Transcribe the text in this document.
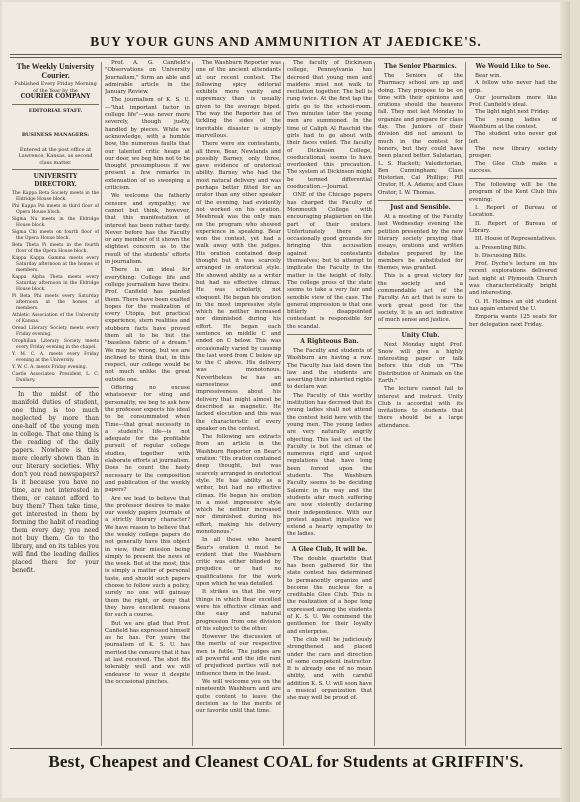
BUY YOUR GUNS AND AMMUNITION AT JAEDICKE'S.
The Weekly University Courier.
Published Every Friday Morning of the Year by the
COURIER COMPANY
EDITORIAL STAFF.
BUSINESS MANAGERS:
Entered at the post office at Lawrence, Kansas, as second class matter.
UNIVERSITY DIRECTORY.

The Kappa Beta Society meets in the Eldridge House block.

Phi Kappa Psi meets in third floor of Opera House block.

Sigma Nu meets in the Eldridge House block.

Sigma Chi meets on fourth floor of the Opera House block.

Beta Theta Pi meets in the fourth floor of the Opera House block.

Kappa Kappa Gamma meets every Saturday afternoon at the homes of members.

Kappa Alpha Theta meets every Saturday afternoon in the Eldridge House block.

Pi Beta Phi meets every Saturday afternoon at the homes of members.

Athletic Association of the University of Kansas.

Oread Literary Society meets every Friday evening.

Orophilian Literary Society meets every Friday evening in the chapel.

Y. M. C. A. meets every Friday evening at the University.

Y. W. C. A. meets Friday evening.

Castle Associates: President, L. C. Dunlavy.

In the midst of the manifold duties of student, one thing is too much neglected by more than one-half of the young men in college. That one thing is the reading of the daily papers. Nowhere is this more clearly shown than in our literary societies. Why don't you read newspapers? Is it because you have no time, are not interested in them, or cannot afford to buy them? Then take time, get interested in them by forming the habit of reading them every day; you need not buy them. Go to the library, and on its tables you will find the leading dailies placed there for your benefit.

Prof. A. G. Canfield's "Observations on University Journalism," form an able and admirable article in the January Review.

The journalism of K. S. U.—"that important factor in college life"—was never more severely, though justly, handled by pieces. While we acknowledge, with a humble bow, the numerous faults that our talented critic heaps at our door, we beg him not to be thought presumptuous if we present a few remarks in extenuation of so sweeping a criticism.

We welcome the fatherly censure and sympathy; we cannot but think, however, that this manifestation of interest has been rather tardy. Never before has the Faculty or any member of it shown the slightest concern as to the result of the students' efforts in journalism.

There is an ideal for everything: College life and college journalism have theirs. Prof. Canfield has painted them. There have been exalted hopes for the realization of every Utopia, but practical experience, stern realities and stubborn facts have proved them all to be but the "baseless fabric of a dream." We may be wrong, but we are inclined to think that, in this respect, our college would be not much unlike the great outside one.

Offering no excuse whatsoever for sting and personality, we beg to ask how the professor expects his ideal to be consummated when Time—that great necessity in a student's life—is not adequate for the profitable pursuit of regular college studies, together with elaborate efforts at journalism. Does he count the hasty necessary to the composition and publication of the weekly papers?

Are we lead to believe that the professor desires to make our weekly papers journals of a strictly literary character? We have reason to believe that the weekly college papers do not generally have this object in view, their mission being simply to present the news of the week. But at the most, this is simply a matter of personal taste, and should such papers choose to follow such a policy, surely no one will gainsay them the right, or deny that they have excellent reasons for such a course.

But we are glad that Prof. Canfield has expressed himself as he has. For years the journalism of K. S. U. has merited the censure that it has at last received. The shot fits tolerably well and we will endeavor to wear it despite the occasional pinches.

The Washburn Reporter was one of the ancient attendants at our recent contest. The following spicy editorial exhibits more vanity and supremacy than is usually given to the average biped. The way the Reporter has of tickling the sides of the inevitable disaster is simply marvellous.

There were six contestants, all three, Bear, Newlands and possibly Barney, only three, gave evidence of oratorical ability. Barney who had the most natural delivery and was perhaps better fitted for an orator than any other speaker of the evening, had evidently not worked on his oration. Meebreak was the only man on the program who showed experience in speaking. Bear won the contest, yet had a walk away with the judges. His oration contained deep thought but it was scarcely arranged in oratorical style. He showed ability as a writer but had no effective climax. He was scholarly, not eloquent. He began his oration in the most impressive style which he neither increased nor diminished during his effort. He began each sentence on middle C and ended on C below. This was occasionally varied by causing the last word from C below up to the C above. His delivery was monotonous. Nevertheless he has an earnestness and impressiveness about his delivery that might almost be described as magnetic. He lacked elocution and this was the characteristic of every speaker on the contest.

The following are extracts from an article in the Washburn Reporter on Bear's oration: "His oration contained deep thought, but was scarcely arranged in oratorical style. He has ability as a writer, but had no effective climax. He began his oration in a most impressive style which he neither increased nor diminished during his effort, making his delivery monotonous."

In all those who heard Bear's oration it must be evident that the Washburn critic was either blinded by prejudice or had no qualifications for the work upon which he was detailed.

It strikes us that the very things in which Bear excelled were his effective climax and the easy and natural progression from one division of his subject to the other.

However the discussion of the merits of our respective men is futile. The judges are all powerful and the idle rant of prejudiced parties will not influence them in the least.

We will welcome you on the nineteenth Washburn and are quite content to leave the decision as to the merits of our favorite until that time.

The faculty of Dickinson college, Pennsylvania has decreed that young men and maidens must not walk to recitation together. The bell is rung twice. At the first tap the girls go to the school-room. Two minutes later the young men are summoned. In the time of Caliph Al Raschid the girls had to go about with their faces veiled. The faculty of Dickinson College, coeducational, seems to have overlooked this precaution. The system at Dickinson might be termed differential coeducation.—Journal.

ONE of the Chicago papers has charged the Faculty of Monmouth College with encouraging plagiarism on the part of their orators. Unfortunately there are occasionally good grounds for bringing this accusation against contestants themselves; but to attempt to implicate the Faculty in the matter is the height of folly. The college press of the state seems to take a very fair and sensible view of the case. The general impression is that one bitterly disappointed contestant is responsible for the scandal.

A Righteous Ban.

The Faculty and students of Washburn are having a row. The Faculty has laid down the law and the students are asserting their inherited rights to declare war.

The Faculty of this worthy institution has decreed that its young ladies shall not attend the contest held here with the young men. The young ladies are very naturally angrily objecting. This last act of the Faculty is but the climax of numerous rigid and unjust regulations that have long been forced upon the students. The Washburn Faculty seems to be deciding Salemic in its way and the students afar much suffering are now violently declaring their independence. With our protest against injustice we extend a hearty sympathy to the ladies.

A Glee Club, It will be.

The double quartette that has been gathered for the state contest has determined to permanently organize and become the nucleus for a creditable Glee Club. This is the realization of a hope long expressed among the students of K. S. U. We commend the gentlemen for their loyalty and enterprise.

The club will be judiciously strengthened and placed under the care and direction of some competent instructor. It is already one of no mean ability, and with careful addition K. S. U. will soon have a musical organization that she may well be proud of.

The Senior Pharmics.

The Seniors of the Pharmacy school are up and doing. They propose to be on time with their opinions and orations should the heavens fall. They met last Monday to organize and prepare for class day. The Juniors of their division did not amount to much in the contest for honors, but they could have been placed better. Salutarian, L. S. Hackett; Valedictorian, Ben Cunningham; Class Historian, Cal Phillips; Pill Orator, H. A. Adams; and Class Orator, I. W. Thomas.

Just and Sensible.

At a meeting of the Faculty last Wednesday evening the petition presented by the new literary society praying that essays, orations and written debates prepared by the members be substituted for themes, was granted.

This is a great victory for the society and a commendable act of the Faculty. An act that is sure to work great good for the society. It is an act indicative of much sense and justice.

Unity Club.

Next Monday night Prof. Snow will give a highly interesting paper or talk before this club on "The Distribution of Animals on the Earth."

The lecture cannot fail to interest and instruct. Unity Club is accordial with its invitations to students that there should be a large attendance.

We Would Like to See.

Bear win.

A fellow who never had the grip.

Our journalism more like Prof. Canfield's ideal.

The light night next Friday.

The young ladies of Washburn at the contest.

The student who never got left.

The new library society prosper.

The Glee Club make a success.

The following will be the program of the Kent Club this evening:

I. Report of Bureau of Location.

II. Report of Bureau of Library.

III. House of Representatives.

a. Presenting Bills.

b. Discussing Bills.

Prof. Dyche's lecture on his recent explorations delivered last night at Plymouth Church was characteristically bright and interesting.

O. H. Holmes an old student has again entered the U.

Emporia wants 125 seats for her delegation next Friday.

Best, Cheapest and Cleanest COAL for Students at GRIFFIN'S.
